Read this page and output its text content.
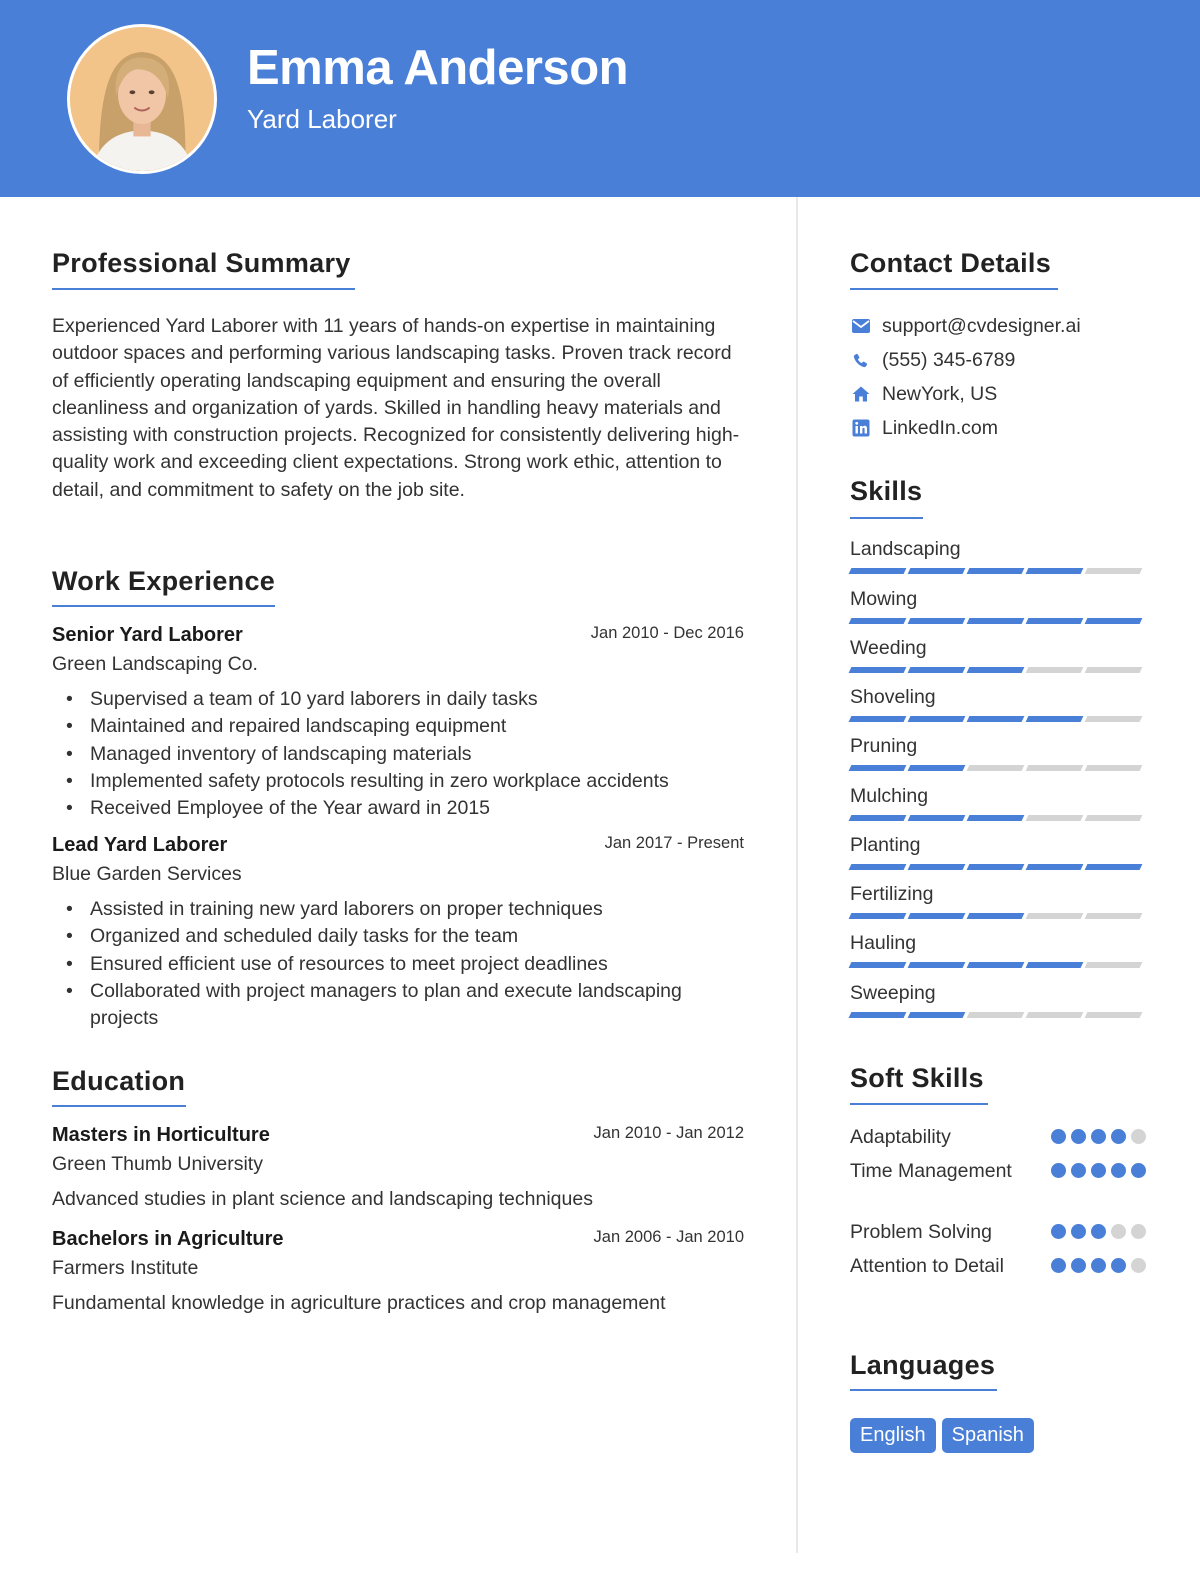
Emma Anderson
Yard Laborer
Professional Summary
Experienced Yard Laborer with 11 years of hands-on expertise in maintaining outdoor spaces and performing various landscaping tasks. Proven track record of efficiently operating landscaping equipment and ensuring the overall cleanliness and organization of yards. Skilled in handling heavy materials and assisting with construction projects. Recognized for consistently delivering high-quality work and exceeding client expectations. Strong work ethic, attention to detail, and commitment to safety on the job site.
Work Experience
Senior Yard Laborer	Jan 2010 - Dec 2016
Green Landscaping Co.
• Supervised a team of 10 yard laborers in daily tasks
• Maintained and repaired landscaping equipment
• Managed inventory of landscaping materials
• Implemented safety protocols resulting in zero workplace accidents
• Received Employee of the Year award in 2015
Lead Yard Laborer	Jan 2017 - Present
Blue Garden Services
• Assisted in training new yard laborers on proper techniques
• Organized and scheduled daily tasks for the team
• Ensured efficient use of resources to meet project deadlines
• Collaborated with project managers to plan and execute landscaping projects
Education
Masters in Horticulture	Jan 2010 - Jan 2012
Green Thumb University
Advanced studies in plant science and landscaping techniques
Bachelors in Agriculture	Jan 2006 - Jan 2010
Farmers Institute
Fundamental knowledge in agriculture practices and crop management
Contact Details
support@cvdesigner.ai
(555) 345-6789
NewYork, US
LinkedIn.com
Skills
Landscaping
Mowing
Weeding
Shoveling
Pruning
Mulching
Planting
Fertilizing
Hauling
Sweeping
Soft Skills
Adaptability
Time Management
Problem Solving
Attention to Detail
Languages
English	Spanish
